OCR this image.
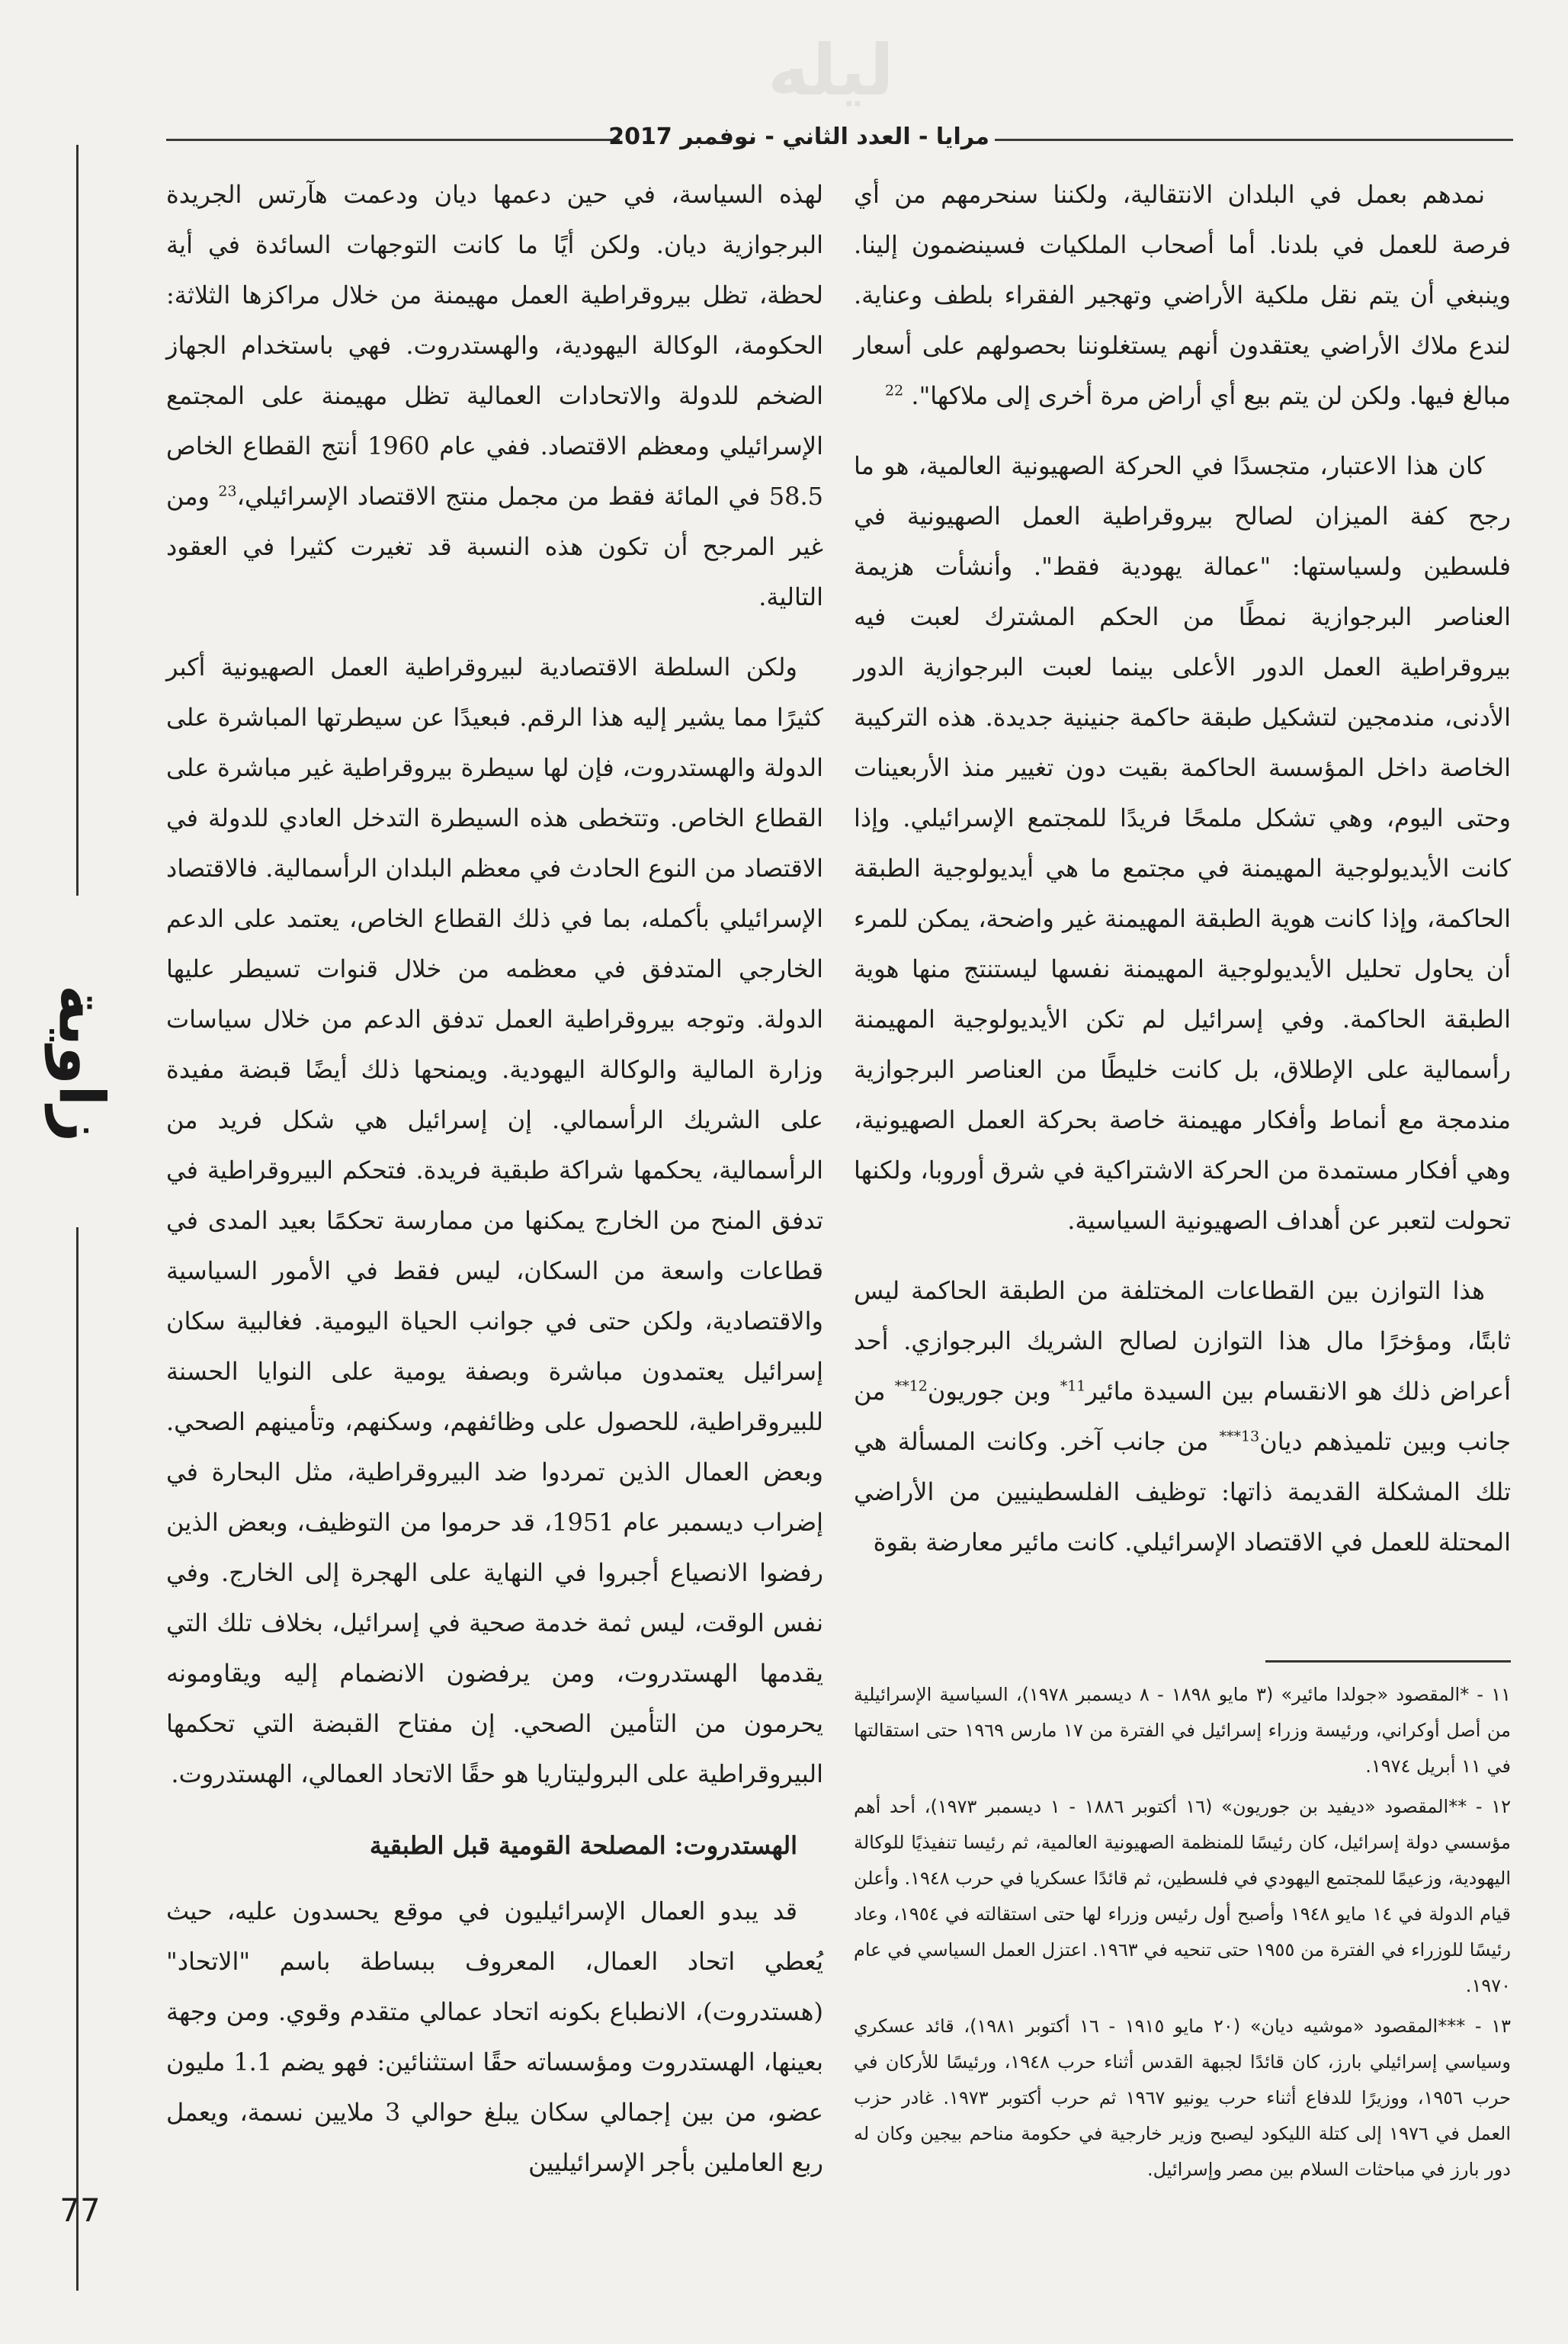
ليله
مرايا - العدد الثاني - نوفمبر 2017
زاوية
77

نمدهم بعمل في البلدان الانتقالية، ولكننا سنحرمهم من أي فرصة للعمل في بلدنا. أما أصحاب الملكيات فسينضمون إلينا. وينبغي أن يتم نقل ملكية الأراضي وتهجير الفقراء بلطف وعناية. لندع ملاك الأراضي يعتقدون أنهم يستغلوننا بحصولهم على أسعار مبالغ فيها. ولكن لن يتم بيع أي أراض مرة أخرى إلى ملاكها". $^{22}$

كان هذا الاعتبار، متجسدًا في الحركة الصهيونية العالمية، هو ما رجح كفة الميزان لصالح بيروقراطية العمل الصهيونية في فلسطين ولسياستها: "عمالة يهودية فقط". وأنشأت هزيمة العناصر البرجوازية نمطًا من الحكم المشترك لعبت فيه بيروقراطية العمل الدور الأعلى بينما لعبت البرجوازية الدور الأدنى، مندمجين لتشكيل طبقة حاكمة جنينية جديدة. هذه التركيبة الخاصة داخل المؤسسة الحاكمة بقيت دون تغيير منذ الأربعينات وحتى اليوم، وهي تشكل ملمحًا فريدًا للمجتمع الإسرائيلي. وإذا كانت الأيديولوجية المهيمنة في مجتمع ما هي أيديولوجية الطبقة الحاكمة، وإذا كانت هوية الطبقة المهيمنة غير واضحة، يمكن للمرء أن يحاول تحليل الأيديولوجية المهيمنة نفسها ليستنتج منها هوية الطبقة الحاكمة. وفي إسرائيل لم تكن الأيديولوجية المهيمنة رأسمالية على الإطلاق، بل كانت خليطًا من العناصر البرجوازية مندمجة مع أنماط وأفكار مهيمنة خاصة بحركة العمل الصهيونية، وهي أفكار مستمدة من الحركة الاشتراكية في شرق أوروبا، ولكنها تحولت لتعبر عن أهداف الصهيونية السياسية.

هذا التوازن بين القطاعات المختلفة من الطبقة الحاكمة ليس ثابتًا، ومؤخرًا مال هذا التوازن لصالح الشريك البرجوازي. أحد أعراض ذلك هو الانقسام بين السيدة مائير$^{11*}$ وبن جوريون$^{12**}$ من جانب وبين تلميذهم ديان$^{13***}$ من جانب آخر. وكانت المسألة هي تلك المشكلة القديمة ذاتها: توظيف الفلسطينيين من الأراضي المحتلة للعمل في الاقتصاد الإسرائيلي. كانت مائير معارضة بقوة

١١ - *المقصود «جولدا مائير» (٣ مايو ١٨٩٨ - ٨ ديسمبر ١٩٧٨)، السياسية الإسرائيلية من أصل أوكراني، ورئيسة وزراء إسرائيل في الفترة من ١٧ مارس ١٩٦٩ حتى استقالتها في ١١ أبريل ١٩٧٤.

١٢ - **المقصود «ديفيد بن جوريون» (١٦ أكتوبر ١٨٨٦ - ١ ديسمبر ١٩٧٣)، أحد أهم مؤسسي دولة إسرائيل، كان رئيسًا للمنظمة الصهيونية العالمية، ثم رئيسا تنفيذيًا للوكالة اليهودية، وزعيمًا للمجتمع اليهودي في فلسطين، ثم قائدًا عسكريا في حرب ١٩٤٨. وأعلن قيام الدولة في ١٤ مايو ١٩٤٨ وأصبح أول رئيس وزراء لها حتى استقالته في ١٩٥٤، وعاد رئيسًا للوزراء في الفترة من ١٩٥٥ حتى تنحيه في ١٩٦٣. اعتزل العمل السياسي في عام ١٩٧٠.

١٣ - ***المقصود «موشيه ديان» (٢٠ مايو ١٩١٥ - ١٦ أكتوبر ١٩٨١)، قائد عسكري وسياسي إسرائيلي بارز، كان قائدًا لجبهة القدس أثناء حرب ١٩٤٨، ورئيسًا للأركان في حرب ١٩٥٦، ووزيرًا للدفاع أثناء حرب يونيو ١٩٦٧ ثم حرب أكتوبر ١٩٧٣. غادر حزب العمل في ١٩٧٦ إلى كتلة الليكود ليصبح وزير خارجية في حكومة مناحم بيجين وكان له دور بارز في مباحثات السلام بين مصر وإسرائيل.

لهذه السياسة، في حين دعمها ديان ودعمت هآرتس الجريدة البرجوازية ديان. ولكن أيًا ما كانت التوجهات السائدة في أية لحظة، تظل بيروقراطية العمل مهيمنة من خلال مراكزها الثلاثة: الحكومة، الوكالة اليهودية، والهستدروت. فهي باستخدام الجهاز الضخم للدولة والاتحادات العمالية تظل مهيمنة على المجتمع الإسرائيلي ومعظم الاقتصاد. ففي عام 1960 أنتج القطاع الخاص 58.5 في المائة فقط من مجمل منتج الاقتصاد الإسرائيلي،$^{23}$ ومن غير المرجح أن تكون هذه النسبة قد تغيرت كثيرا في العقود التالية.

ولكن السلطة الاقتصادية لبيروقراطية العمل الصهيونية أكبر كثيرًا مما يشير إليه هذا الرقم. فبعيدًا عن سيطرتها المباشرة على الدولة والهستدروت، فإن لها سيطرة بيروقراطية غير مباشرة على القطاع الخاص. وتتخطى هذه السيطرة التدخل العادي للدولة في الاقتصاد من النوع الحادث في معظم البلدان الرأسمالية. فالاقتصاد الإسرائيلي بأكمله، بما في ذلك القطاع الخاص، يعتمد على الدعم الخارجي المتدفق في معظمه من خلال قنوات تسيطر عليها الدولة. وتوجه بيروقراطية العمل تدفق الدعم من خلال سياسات وزارة المالية والوكالة اليهودية. ويمنحها ذلك أيضًا قبضة مفيدة على الشريك الرأسمالي. إن إسرائيل هي شكل فريد من الرأسمالية، يحكمها شراكة طبقية فريدة. فتحكم البيروقراطية في تدفق المنح من الخارج يمكنها من ممارسة تحكمًا بعيد المدى في قطاعات واسعة من السكان، ليس فقط في الأمور السياسية والاقتصادية، ولكن حتى في جوانب الحياة اليومية. فغالبية سكان إسرائيل يعتمدون مباشرة وبصفة يومية على النوايا الحسنة للبيروقراطية، للحصول على وظائفهم، وسكنهم، وتأمينهم الصحي. وبعض العمال الذين تمردوا ضد البيروقراطية، مثل البحارة في إضراب ديسمبر عام 1951، قد حرموا من التوظيف، وبعض الذين رفضوا الانصياع أجبروا في النهاية على الهجرة إلى الخارج. وفي نفس الوقت، ليس ثمة خدمة صحية في إسرائيل، بخلاف تلك التي يقدمها الهستدروت، ومن يرفضون الانضمام إليه ويقاومونه يحرمون من التأمين الصحي. إن مفتاح القبضة التي تحكمها البيروقراطية على البروليتاريا هو حقًا الاتحاد العمالي، الهستدروت.

الهستدروت: المصلحة القومية قبل الطبقية

قد يبدو العمال الإسرائيليون في موقع يحسدون عليه، حيث يُعطي اتحاد العمال، المعروف ببساطة باسم "الاتحاد" (هستدروت)، الانطباع بكونه اتحاد عمالي متقدم وقوي. ومن وجهة بعينها، الهستدروت ومؤسساته حقًا استثنائين: فهو يضم 1.1 مليون عضو، من بين إجمالي سكان يبلغ حوالي 3 ملايين نسمة، ويعمل ربع العاملين بأجر الإسرائيليين
